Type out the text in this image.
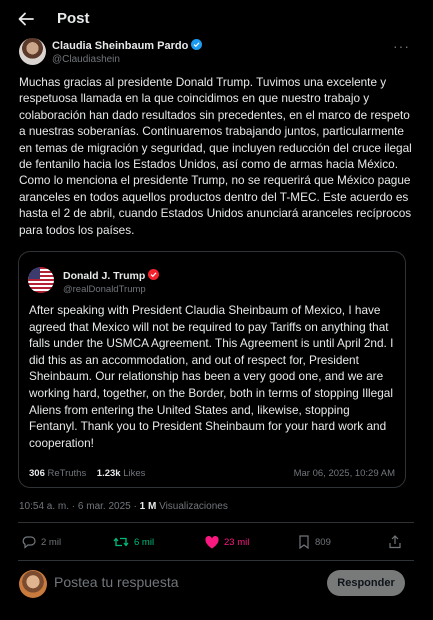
Post
Claudia Sheinbaum Pardo
@Claudiashein
···
Muchas gracias al presidente Donald Trump. Tuvimos una excelente y respetuosa llamada en la que coincidimos en que nuestro trabajo y colaboración han dado resultados sin precedentes, en el marco de respeto a nuestras soberanías. Continuaremos trabajando juntos, particularmente en temas de migración y seguridad, que incluyen reducción del cruce ilegal de fentanilo hacia los Estados Unidos, así como de armas hacia México. Como lo menciona el presidente Trump, no se requerirá que México pague aranceles en todos aquellos productos dentro del T-MEC. Este acuerdo es hasta el 2 de abril, cuando Estados Unidos anunciará aranceles recíprocos para todos los países.
Donald J. Trump
@realDonaldTrump
After speaking with President Claudia Sheinbaum of Mexico, I have agreed that Mexico will not be required to pay Tariffs on anything that falls under the USMCA Agreement. This Agreement is until April 2nd. I did this as an accommodation, and out of respect for, President Sheinbaum. Our relationship has been a very good one, and we are working hard, together, on the Border, both in terms of stopping Illegal Aliens from entering the United States and, likewise, stopping Fentanyl. Thank you to President Sheinbaum for your hard work and cooperation!
306 ReTruths 1.23k Likes	Mar 06, 2025, 10:29 AM
10:54 a. m. · 6 mar. 2025 · 1 M Visualizaciones
2 mil	6 mil	23 mil	809
Postea tu respuesta	Responder
